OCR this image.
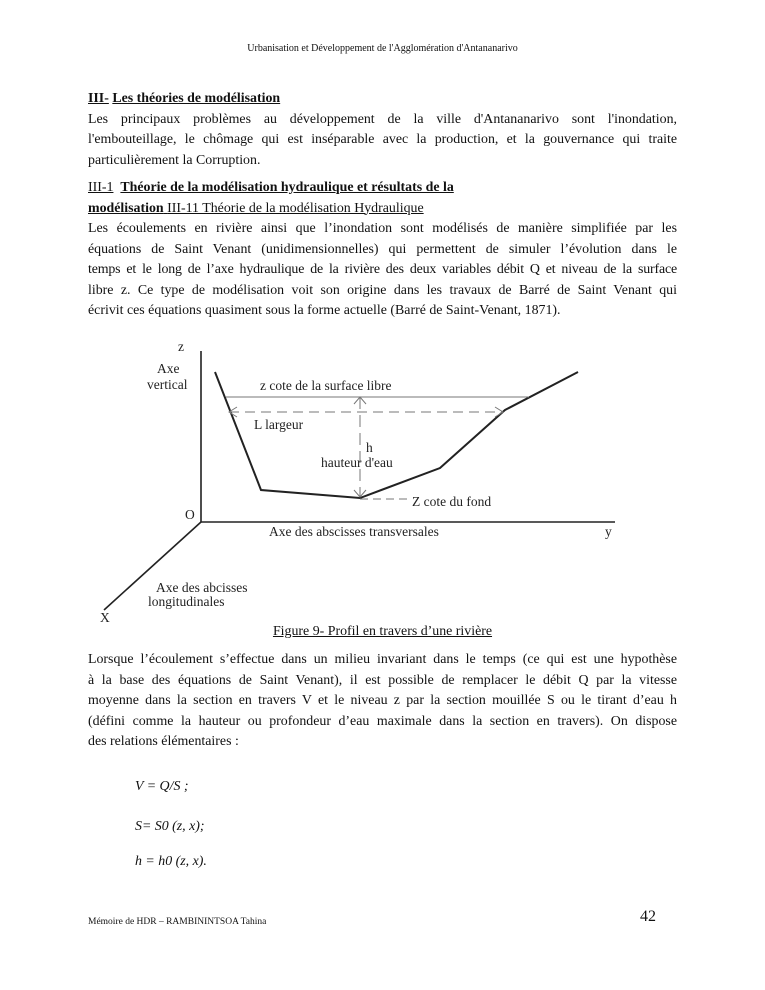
Urbanisation et Développement de l'Agglomération d'Antananarivo
III- Les théories de modélisation
Les principaux problèmes au développement de la ville d'Antananarivo sont l'inondation,
l'embouteillage, le chômage qui est inséparable avec la production, et la gouvernance qui traite
particulièrement la Corruption.
III-1 Théorie de la modélisation hydraulique et résultats de la
modélisation III-11 Théorie de la modélisation Hydraulique
Les écoulements en rivière ainsi que l’inondation sont modélisés de manière simplifiée par les
équations de Saint Venant (unidimensionnelles) qui permettent de simuler l’évolution dans le
temps et le long de l’axe hydraulique de la rivière des deux variables débit Q et niveau de la surface
libre z. Ce type de modélisation voit son origine dans les travaux de Barré de Saint Venant qui
écrivit ces équations quasiment sous la forme actuelle (Barré de Saint-Venant, 1871).
z
Axe
vertical	z cote de la surface libre
L largeur
h
hauteur d'eau
Z cote du fond
O
Axe des abscisses transversales	y
Axe des abcisses
longitudinales
X
Figure 9- Profil en travers d’une rivière
Lorsque l’écoulement s’effectue dans un milieu invariant dans le temps (ce qui est une hypothèse
à la base des équations de Saint Venant), il est possible de remplacer le débit Q par la vitesse
moyenne dans la section en travers V et le niveau z par la section mouillée S ou le tirant d’eau h
(défini comme la hauteur ou profondeur d’eau maximale dans la section en travers). On dispose
des relations élémentaires :
V = Q/S ;
S= S0 (z, x);
h = h0 (z, x).
Mémoire de HDR – RAMBININTSOA Tahina	42
